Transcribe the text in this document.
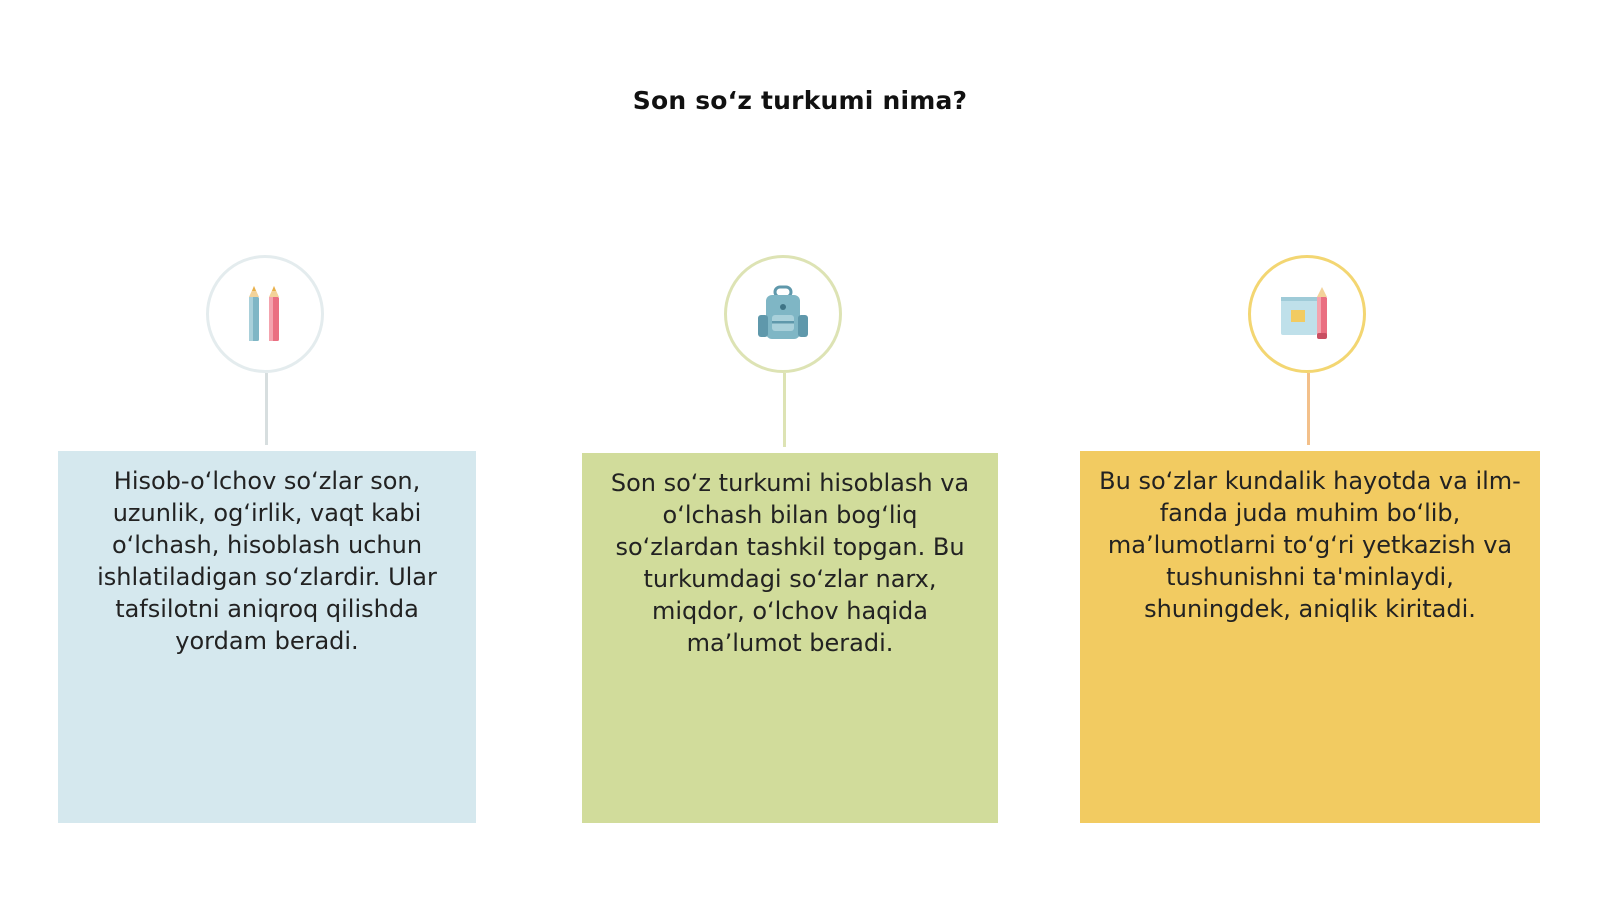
Son so‘z turkumi nima?
Hisob-o‘lchov so‘zlar son, uzunlik, og‘irlik, vaqt kabi o‘lchash, hisoblash uchun ishlatiladigan so‘zlardir. Ular tafsilotni aniqroq qilishda yordam beradi.
Son so‘z turkumi hisoblash va o‘lchash bilan bog‘liq so‘zlardan tashkil topgan. Bu turkumdagi so‘zlar narx, miqdor, o‘lchov haqida ma’lumot beradi.
Bu so‘zlar kundalik hayotda va ilm-fanda juda muhim bo‘lib, ma’lumotlarni to‘g‘ri yetkazish va tushunishni ta'minlaydi, shuningdek, aniqlik kiritadi.
